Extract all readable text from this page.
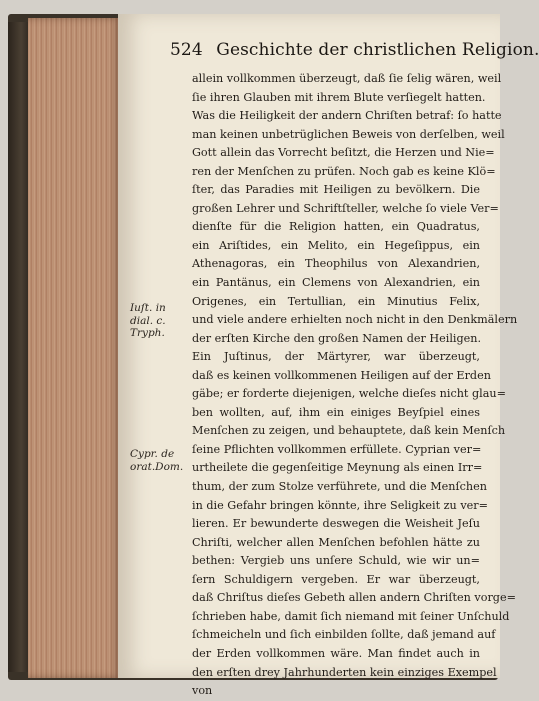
524 Geschichte der christlichen Religion.
Iuſt. in
dial. c.
Tryph.
Cypr. de
orat.Dom.
allein vollkommen überzeugt, daß ſie ſelig wären, weil
ſie ihren Glauben mit ihrem Blute verſiegelt hatten.
Was die Heiligkeit der andern Chriſten betraf: ſo hatte
man keinen unbetrüglichen Beweis von derſelben, weil
Gott allein das Vorrecht beſitzt, die Herzen und Nie=
ren der Menſchen zu prüfen. Noch gab es keine Klö=
ſter, das Paradies mit Heiligen zu bevölkern. Die
großen Lehrer und Schriftſteller, welche ſo viele Ver=
dienſte für die Religion hatten, ein Quadratus,
ein Ariſtides, ein Melito, ein Hegeſippus, ein
Athenagoras, ein Theophilus von Alexandrien,
ein Pantänus, ein Clemens von Alexandrien, ein
Origenes, ein Tertullian, ein Minutius Felix,
und viele andere erhielten noch nicht in den Denkmälern
der erſten Kirche den großen Namen der Heiligen.
Ein Juſtinus, der Märtyrer, war überzeugt,
daß es keinen vollkommenen Heiligen auf der Erden
gäbe; er forderte diejenigen, welche dieſes nicht glau=
ben wollten, auf, ihm ein einiges Beyſpiel eines
Menſchen zu zeigen, und behauptete, daß kein Menſch
ſeine Pflichten vollkommen erfüllete. Cyprian ver=
urtheilete die gegenſeitige Meynung als einen Irr=
thum, der zum Stolze verführete, und die Menſchen
in die Gefahr bringen könnte, ihre Seligkeit zu ver=
lieren. Er bewunderte deswegen die Weisheit Jeſu
Chriſti, welcher allen Menſchen befohlen hätte zu
bethen: Vergieb uns unſere Schuld, wie wir un=
ſern Schuldigern vergeben. Er war überzeugt,
daß Chriſtus dieſes Gebeth allen andern Chriſten vorge=
ſchrieben habe, damit ſich niemand mit ſeiner Unſchuld
ſchmeicheln und ſich einbilden ſollte, daß jemand auf
der Erden vollkommen wäre. Man findet auch in
den erſten drey Jahrhunderten kein einziges Exempel
von
